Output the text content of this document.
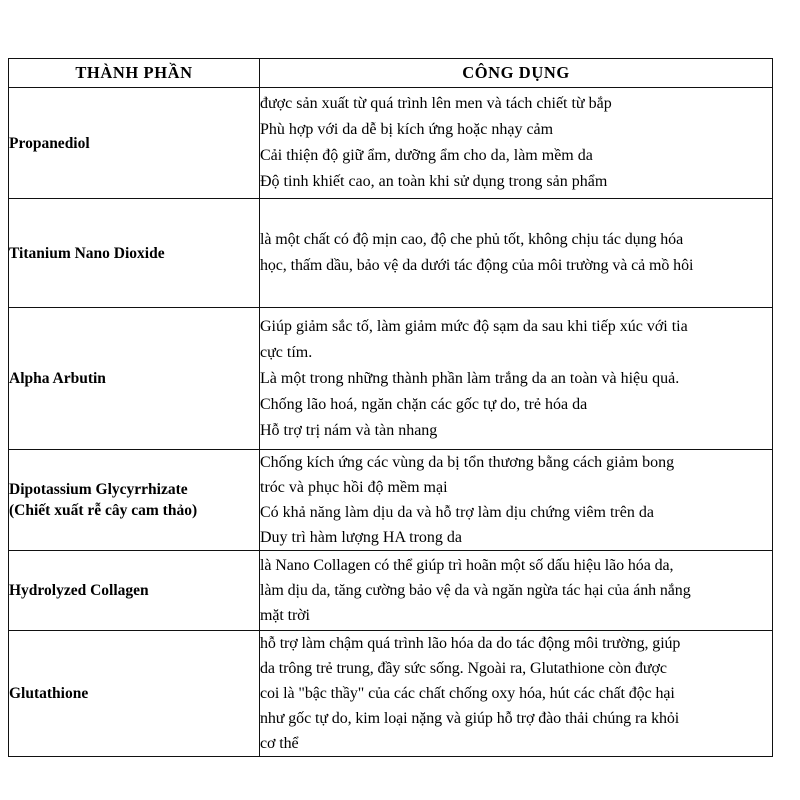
THÀNH PHẦN	CÔNG DỤNG

Propanediol	được sản xuất từ quá trình lên men và tách chiết từ bắp
Phù hợp với da dễ bị kích ứng hoặc nhạy cảm
Cải thiện độ giữ ẩm, dưỡng ẩm cho da, làm mềm da
Độ tinh khiết cao, an toàn khi sử dụng trong sản phẩm

Titanium Nano Dioxide	là một chất có độ mịn cao, độ che phủ tốt, không chịu tác dụng hóa
học, thấm dầu, bảo vệ da dưới tác động của môi trường và cả mồ hôi

Alpha Arbutin	Giúp giảm sắc tố, làm giảm mức độ sạm da sau khi tiếp xúc với tia
cực tím.
Là một trong những thành phần làm trắng da an toàn và hiệu quả.
Chống lão hoá, ngăn chặn các gốc tự do, trẻ hóa da
Hỗ trợ trị nám và tàn nhang

Dipotassium Glycyrrhizate
(Chiết xuất rễ cây cam thảo)	Chống kích ứng các vùng da bị tổn thương bằng cách giảm bong
tróc và phục hồi độ mềm mại
Có khả năng làm dịu da và hỗ trợ làm dịu chứng viêm trên da
Duy trì hàm lượng HA trong da

Hydrolyzed Collagen	là Nano Collagen có thể giúp trì hoãn một số dấu hiệu lão hóa da,
làm dịu da, tăng cường bảo vệ da và ngăn ngừa tác hại của ánh nắng
mặt trời

Glutathione	hỗ trợ làm chậm quá trình lão hóa da do tác động môi trường, giúp
da trông trẻ trung, đầy sức sống. Ngoài ra, Glutathione còn được
coi là "bậc thầy" của các chất chống oxy hóa, hút các chất độc hại
như gốc tự do, kim loại nặng và giúp hỗ trợ đào thải chúng ra khỏi
cơ thể
